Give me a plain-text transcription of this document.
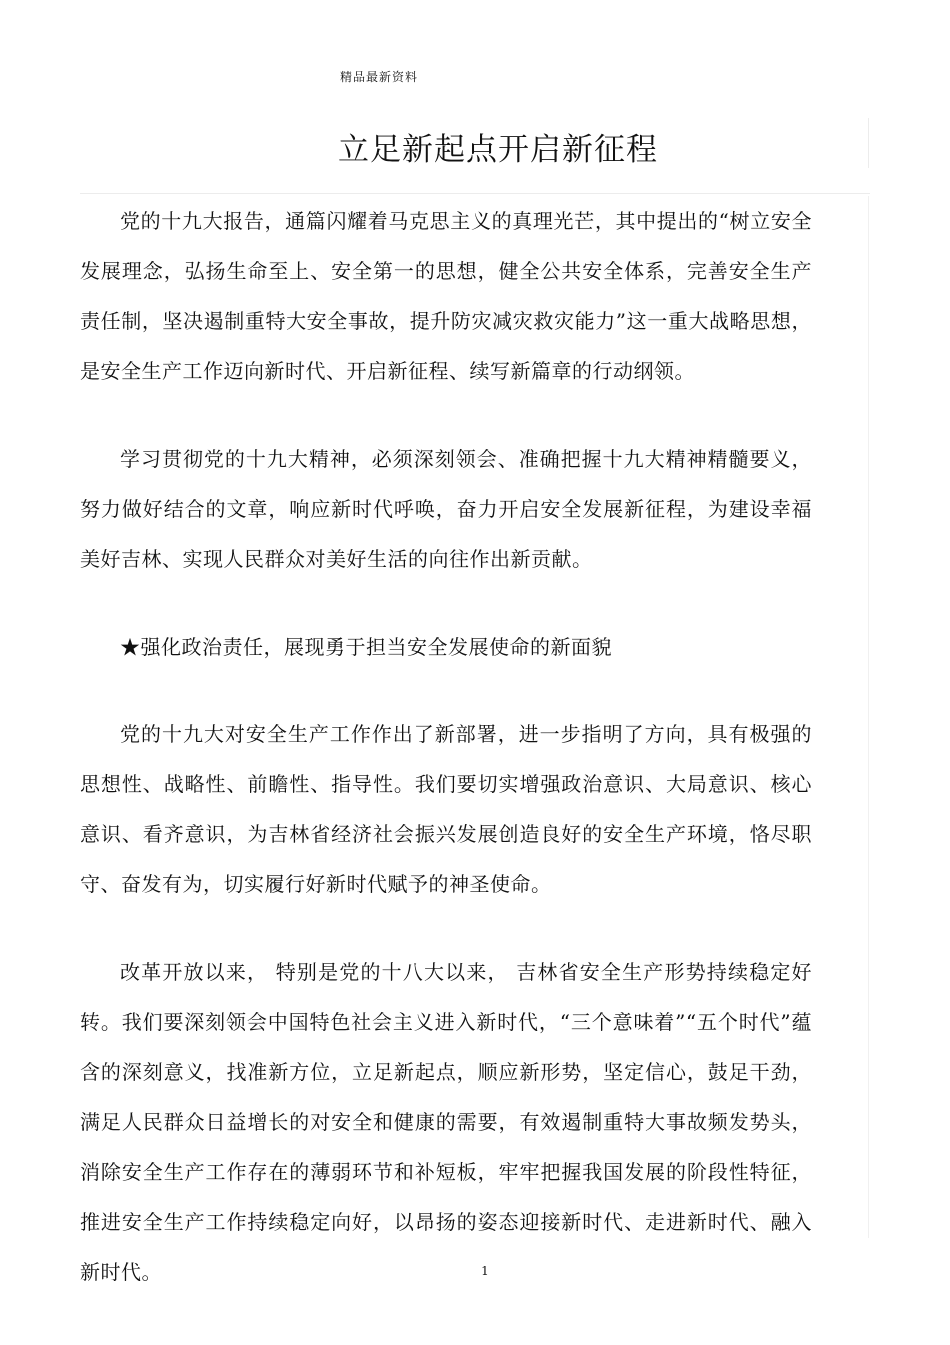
精品最新资料
立足新起点开启新征程

党的十九大报告，通篇闪耀着马克思主义的真理光芒，其中提出的“树立安全发展理念，弘扬生命至上、安全第一的思想，健全公共安全体系，完善安全生产责任制，坚决遏制重特大安全事故，提升防灾减灾救灾能力”这一重大战略思想，是安全生产工作迈向新时代、开启新征程、续写新篇章的行动纲领。

学习贯彻党的十九大精神，必须深刻领会、准确把握十九大精神精髓要义，努力做好结合的文章，响应新时代呼唤，奋力开启安全发展新征程，为建设幸福美好吉林、实现人民群众对美好生活的向往作出新贡献。

★强化政治责任，展现勇于担当安全发展使命的新面貌

党的十九大对安全生产工作作出了新部署，进一步指明了方向，具有极强的思想性、战略性、前瞻性、指导性。我们要切实增强政治意识、大局意识、核心意识、看齐意识，为吉林省经济社会振兴发展创造良好的安全生产环境，恪尽职守、奋发有为，切实履行好新时代赋予的神圣使命。

改革开放以来， 特别是党的十八大以来， 吉林省安全生产形势持续稳定好转。我们要深刻领会中国特色社会主义进入新时代，“三个意味着”“五个时代”蕴含的深刻意义，找准新方位，立足新起点，顺应新形势，坚定信心，鼓足干劲，满足人民群众日益增长的对安全和健康的需要，有效遏制重特大事故频发势头，消除安全生产工作存在的薄弱环节和补短板，牢牢把握我国发展的阶段性特征，推进安全生产工作持续稳定向好，以昂扬的姿态迎接新时代、走进新时代、融入新时代。	1
